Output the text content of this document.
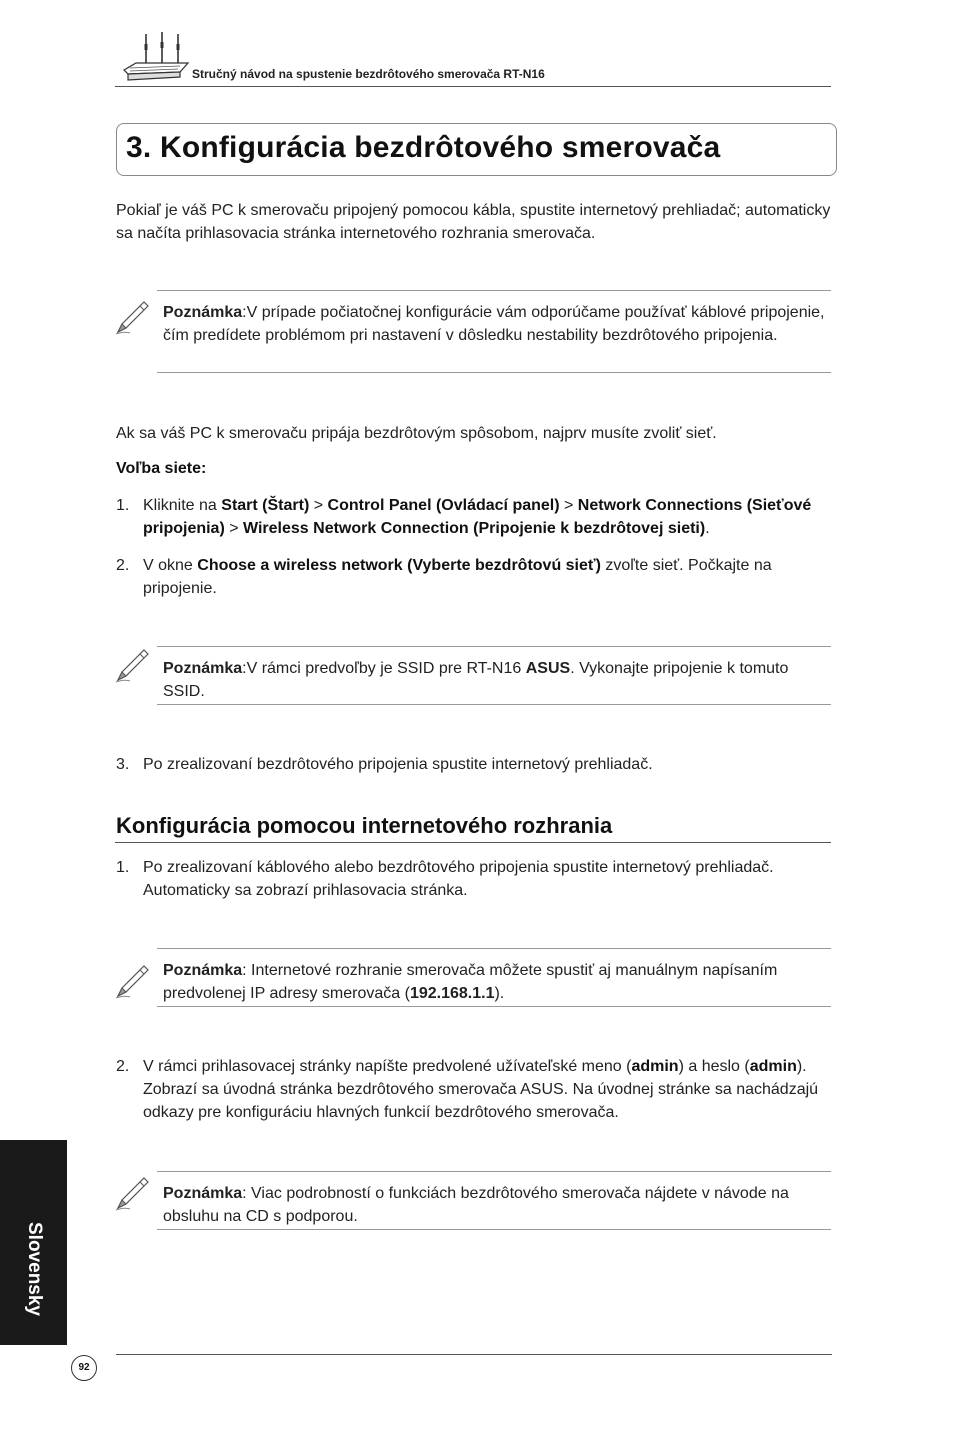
Stručný návod na spustenie bezdrôtového smerovača RT-N16
3. Konfigurácia bezdrôtového smerovača

Pokiaľ je váš PC k smerovaču pripojený pomocou kábla, spustite internetový prehliadač; automaticky sa načíta prihlasovacia stránka internetového rozhrania smerovača.

Poznámka:V prípade počiatočnej konfigurácie vám odporúčame používať káblové pripojenie, čím predídete problémom pri nastavení v dôsledku nestability bezdrôtového pripojenia.

Ak sa váš PC k smerovaču pripája bezdrôtovým spôsobom, najprv musíte zvoliť sieť.

Voľba siete:

1. Kliknite na Start (Štart) > Control Panel (Ovládací panel) > Network Connections (Sieťové pripojenia) > Wireless Network Connection (Pripojenie k bezdrôtovej sieti).
2. V okne Choose a wireless network (Vyberte bezdrôtovú sieť) zvoľte sieť. Počkajte na pripojenie.
Poznámka:V rámci predvoľby je SSID pre RT-N16 ASUS. Vykonajte pripojenie k tomuto SSID.
3. Po zrealizovaní bezdrôtového pripojenia spustite internetový prehliadač.
Konfigurácia pomocou internetového rozhrania
1. Po zrealizovaní káblového alebo bezdrôtového pripojenia spustite internetový prehliadač. Automaticky sa zobrazí prihlasovacia stránka.
Poznámka: Internetové rozhranie smerovača môžete spustiť aj manuálnym napísaním predvolenej IP adresy smerovača (192.168.1.1).
2. V rámci prihlasovacej stránky napíšte predvolené užívateľské meno (admin) a heslo (admin). Zobrazí sa úvodná stránka bezdrôtového smerovača ASUS. Na úvodnej stránke sa nachádzajú odkazy pre konfiguráciu hlavných funkcií bezdrôtového smerovača.
Poznámka: Viac podrobností o funkciách bezdrôtového smerovača nájdete v návode na obsluhu na CD s podporou.
Slovensky
92
